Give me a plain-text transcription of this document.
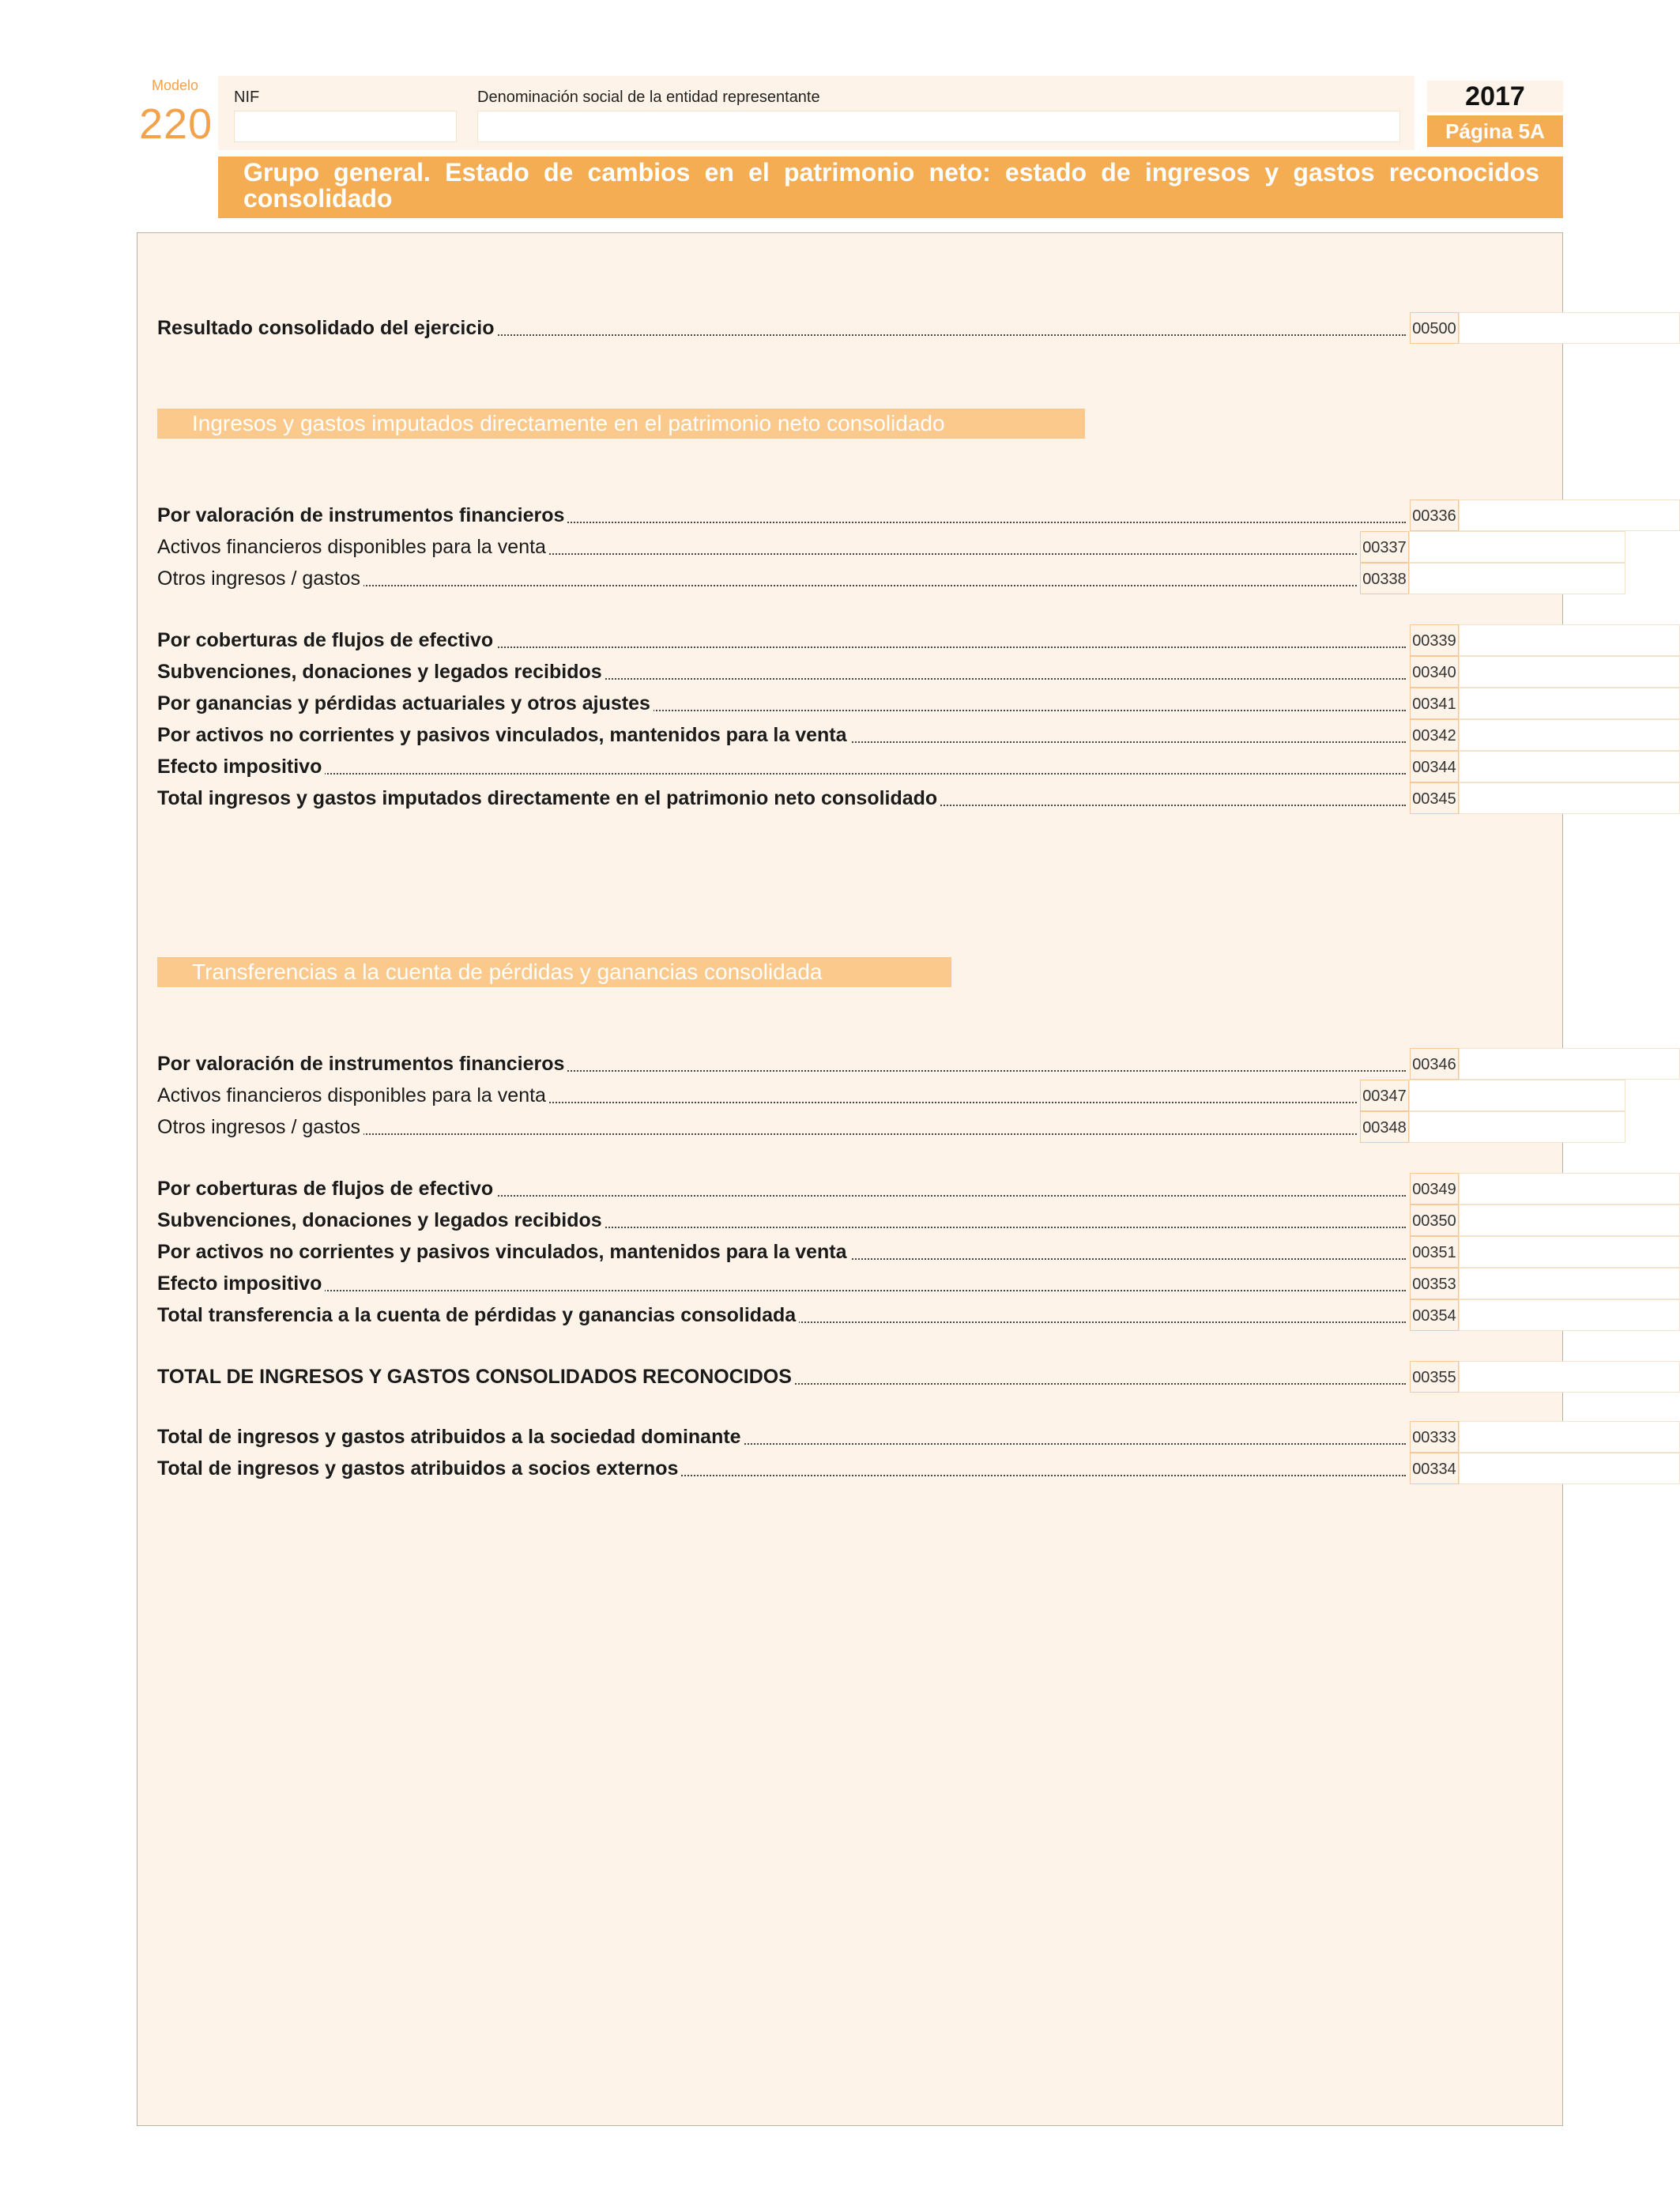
Modelo
220
NIF	Denominación social de la entidad representante	2017
Página 5A
Grupo general. Estado de cambios en el patrimonio neto: estado de ingresos y gastos reconocidos consolidado
Resultado consolidado del ejercicio	00500
Ingresos y gastos imputados directamente en el patrimonio neto consolidado
Por valoración de instrumentos financieros	00336
Activos financieros disponibles para la venta	00337
Otros ingresos / gastos	00338
Por coberturas de flujos de efectivo	00339
Subvenciones, donaciones y legados recibidos	00340
Por ganancias y pérdidas actuariales y otros ajustes	00341
Por activos no corrientes y pasivos vinculados, mantenidos para la venta	00342
Efecto impositivo	00344
Total ingresos y gastos imputados directamente en el patrimonio neto consolidado	00345
Transferencias a la cuenta de pérdidas y ganancias consolidada
Por valoración de instrumentos financieros	00346
Activos financieros disponibles para la venta	00347
Otros ingresos / gastos	00348
Por coberturas de flujos de efectivo	00349
Subvenciones, donaciones y legados recibidos	00350
Por activos no corrientes y pasivos vinculados, mantenidos para la venta	00351
Efecto impositivo	00353
Total transferencia a la cuenta de pérdidas y ganancias consolidada	00354
TOTAL DE INGRESOS Y GASTOS CONSOLIDADOS RECONOCIDOS	00355
Total de ingresos y gastos atribuidos a la sociedad dominante	00333
Total de ingresos y gastos atribuidos a socios externos	00334
